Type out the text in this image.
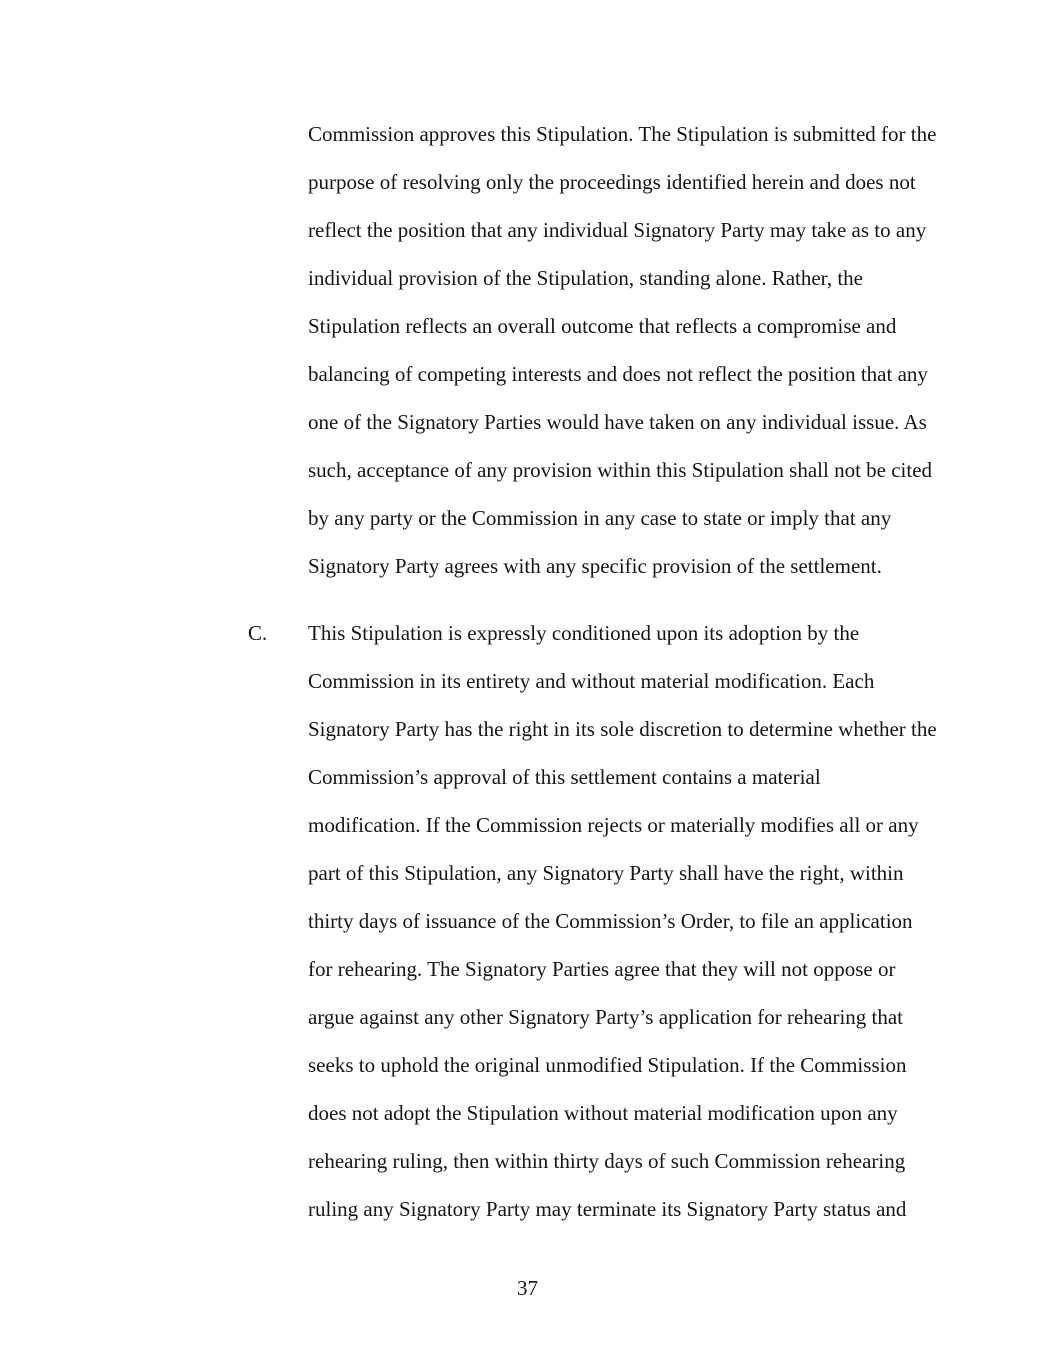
Commission approves this Stipulation. The Stipulation is submitted for the
purpose of resolving only the proceedings identified herein and does not
reflect the position that any individual Signatory Party may take as to any
individual provision of the Stipulation, standing alone. Rather, the
Stipulation reflects an overall outcome that reflects a compromise and
balancing of competing interests and does not reflect the position that any
one of the Signatory Parties would have taken on any individual issue. As
such, acceptance of any provision within this Stipulation shall not be cited
by any party or the Commission in any case to state or imply that any
Signatory Party agrees with any specific provision of the settlement.
C. This Stipulation is expressly conditioned upon its adoption by the
Commission in its entirety and without material modification. Each
Signatory Party has the right in its sole discretion to determine whether the
Commission’s approval of this settlement contains a material
modification. If the Commission rejects or materially modifies all or any
part of this Stipulation, any Signatory Party shall have the right, within
thirty days of issuance of the Commission’s Order, to file an application
for rehearing. The Signatory Parties agree that they will not oppose or
argue against any other Signatory Party’s application for rehearing that
seeks to uphold the original unmodified Stipulation. If the Commission
does not adopt the Stipulation without material modification upon any
rehearing ruling, then within thirty days of such Commission rehearing
ruling any Signatory Party may terminate its Signatory Party status and
37
